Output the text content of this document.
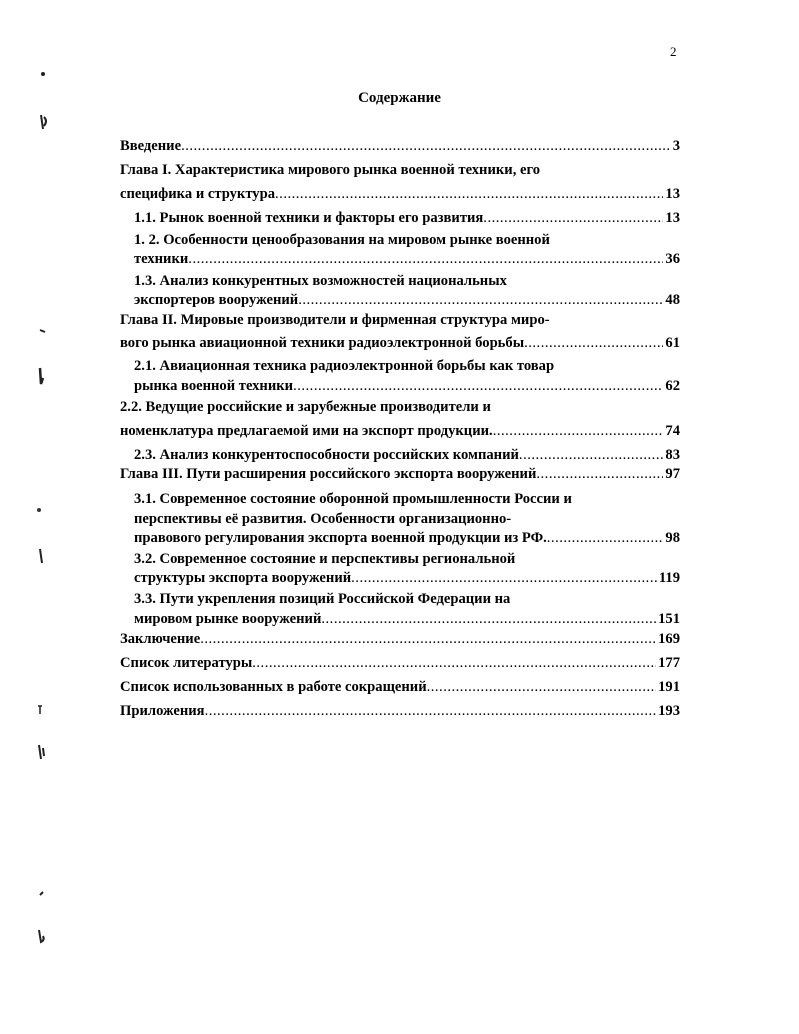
2
Содержание
Введение .....	3
Глава I. Характеристика мирового рынка военной техники, его
специфика и структура .....	13
1.1. Рынок военной техники и факторы его развития .....	13
1. 2. Особенности ценообразования на мировом рынке военной
техники .....	36
1.3. Анализ конкурентных возможностей национальных
экспортеров вооружений .....	48
Глава II. Мировые производители и фирменная структура миро-
вого рынка авиационной техники радиоэлектронной борьбы .....	61
2.1. Авиационная техника радиоэлектронной борьбы как товар
рынка военной техники .....	62
2.2. Ведущие российские и зарубежные производители и
номенклатура предлагаемой ими на экспорт продукции. .....	74
2.3. Анализ конкурентоспособности российских компаний .....	83
Глава III. Пути расширения российского экспорта вооружений .....	97
3.1. Современное состояние оборонной промышленности России и
перспективы её развития. Особенности организационно-
правового регулирования экспорта военной продукции из РФ. .....	98
3.2. Современное состояние и перспективы региональной
структуры экспорта вооружений .....	119
3.3. Пути укрепления позиций Российской Федерации на
мировом рынке вооружений .....	151
Заключение .....	169
Список литературы .....	177
Список использованных в работе сокращений .....	191
Приложения .....	193
